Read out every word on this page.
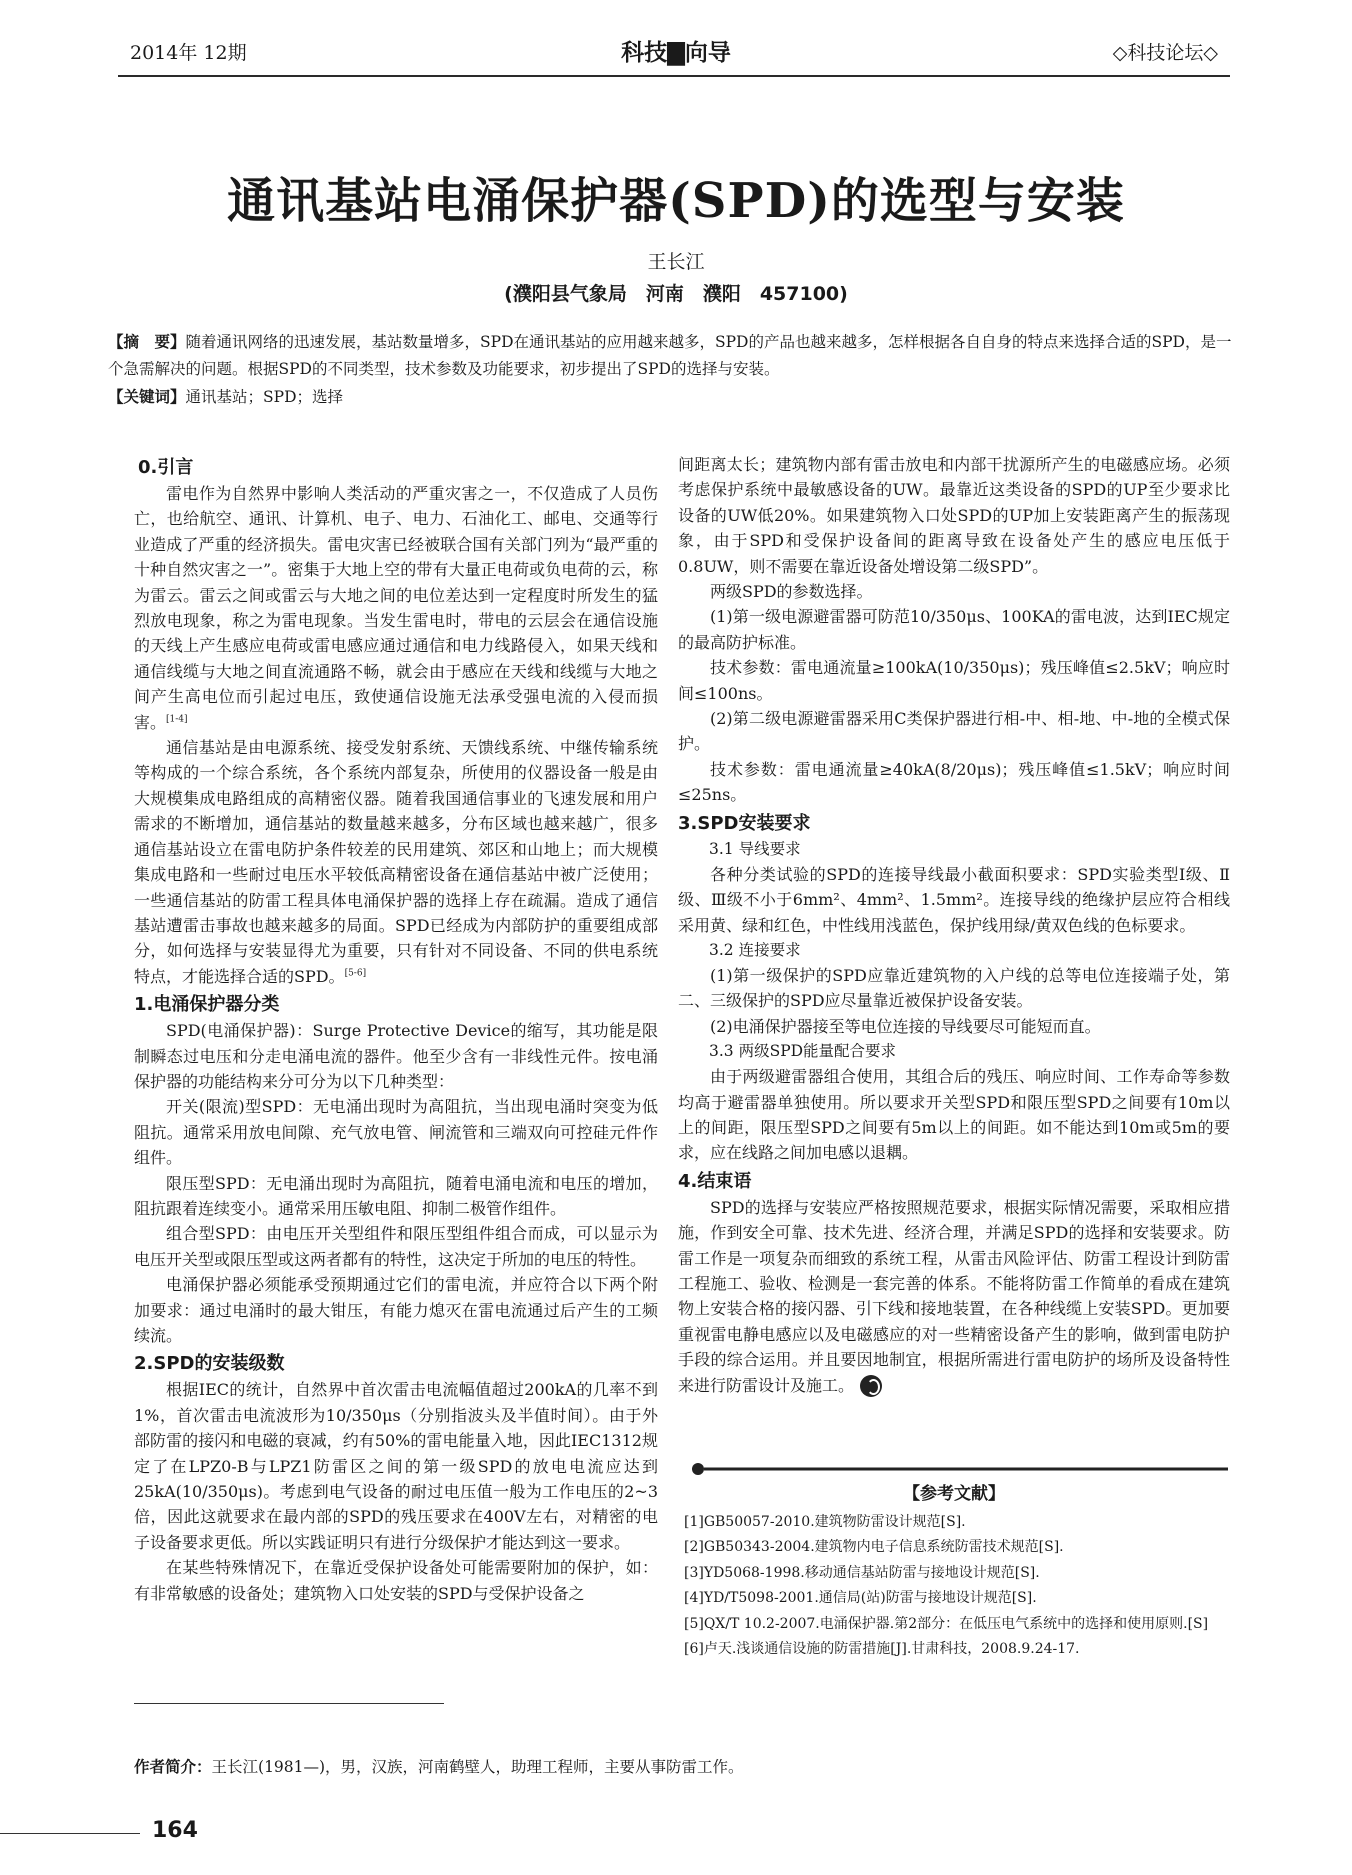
2014年 12期	科技▇向导	◇科技论坛◇
通讯基站电涌保护器(SPD)的选型与安装
王长江
(濮阳县气象局　河南　濮阳　457100)
【摘　要】随着通讯网络的迅速发展，基站数量增多，SPD在通讯基站的应用越来越多，SPD的产品也越来越多，怎样根据各自自身的特点来选择合适的SPD，是一个急需解决的问题。根据SPD的不同类型，技术参数及功能要求，初步提出了SPD的选择与安装。
【关键词】通讯基站；SPD；选择
0.引言

雷电作为自然界中影响人类活动的严重灾害之一，不仅造成了人员伤亡，也给航空、通讯、计算机、电子、电力、石油化工、邮电、交通等行业造成了严重的经济损失。雷电灾害已经被联合国有关部门列为“最严重的十种自然灾害之一”。密集于大地上空的带有大量正电荷或负电荷的云，称为雷云。雷云之间或雷云与大地之间的电位差达到一定程度时所发生的猛烈放电现象，称之为雷电现象。当发生雷电时，带电的云层会在通信设施的天线上产生感应电荷或雷电感应通过通信和电力线路侵入，如果天线和通信线缆与大地之间直流通路不畅，就会由于感应在天线和线缆与大地之间产生高电位而引起过电压，致使通信设施无法承受强电流的入侵而损害。[1-4]

通信基站是由电源系统、接受发射系统、天馈线系统、中继传输系统等构成的一个综合系统，各个系统内部复杂，所使用的仪器设备一般是由大规模集成电路组成的高精密仪器。随着我国通信事业的飞速发展和用户需求的不断增加，通信基站的数量越来越多，分布区域也越来越广，很多通信基站设立在雷电防护条件较差的民用建筑、郊区和山地上；而大规模集成电路和一些耐过电压水平较低高精密设备在通信基站中被广泛使用；一些通信基站的防雷工程具体电涌保护器的选择上存在疏漏。造成了通信基站遭雷击事故也越来越多的局面。SPD已经成为内部防护的重要组成部分，如何选择与安装显得尤为重要，只有针对不同设备、不同的供电系统特点，才能选择合适的SPD。[5-6]

1.电涌保护器分类

SPD(电涌保护器)：Surge Protective Device的缩写，其功能是限制瞬态过电压和分走电涌电流的器件。他至少含有一非线性元件。按电涌保护器的功能结构来分可分为以下几种类型：

开关(限流)型SPD：无电涌出现时为高阻抗，当出现电涌时突变为低阻抗。通常采用放电间隙、充气放电管、闸流管和三端双向可控硅元件作组件。

限压型SPD：无电涌出现时为高阻抗，随着电涌电流和电压的增加，阻抗跟着连续变小。通常采用压敏电阻、抑制二极管作组件。

组合型SPD：由电压开关型组件和限压型组件组合而成，可以显示为电压开关型或限压型或这两者都有的特性，这决定于所加的电压的特性。

电涌保护器必须能承受预期通过它们的雷电流，并应符合以下两个附加要求：通过电涌时的最大钳压，有能力熄灭在雷电流通过后产生的工频续流。

2.SPD的安装级数

根据IEC的统计，自然界中首次雷击电流幅值超过200kA的几率不到1%，首次雷击电流波形为10/350μs（分别指波头及半值时间）。由于外部防雷的接闪和电磁的衰减，约有50%的雷电能量入地，因此IEC1312规定了在LPZ0-B与LPZ1防雷区之间的第一级SPD的放电电流应达到25kA(10/350μs)。考虑到电气设备的耐过电压值一般为工作电压的2~3倍，因此这就要求在最内部的SPD的残压要求在400V左右，对精密的电子设备要求更低。所以实践证明只有进行分级保护才能达到这一要求。

在某些特殊情况下，在靠近受保护设备处可能需要附加的保护，如：有非常敏感的设备处；建筑物入口处安装的SPD与受保护设备之

间距离太长；建筑物内部有雷击放电和内部干扰源所产生的电磁感应场。必须考虑保护系统中最敏感设备的UW。最靠近这类设备的SPD的UP至少要求比设备的UW低20%。如果建筑物入口处SPD的UP加上安装距离产生的振荡现象，由于SPD和受保护设备间的距离导致在设备处产生的感应电压低于0.8UW，则不需要在靠近设备处增设第二级SPD”。

两级SPD的参数选择。

(1)第一级电源避雷器可防范10/350μs、100KA的雷电波，达到IEC规定的最高防护标准。

技术参数：雷电通流量≥100kA(10/350μs)；残压峰值≤2.5kV；响应时间≤100ns。

(2)第二级电源避雷器采用C类保护器进行相-中、相-地、中-地的全模式保护。

技术参数：雷电通流量≥40kA(8/20μs)；残压峰值≤1.5kV；响应时间≤25ns。

3.SPD安装要求
3.1 导线要求

各种分类试验的SPD的连接导线最小截面积要求：SPD实验类型Ⅰ级、Ⅱ级、Ⅲ级不小于6mm²、4mm²、1.5mm²。连接导线的绝缘护层应符合相线采用黄、绿和红色，中性线用浅蓝色，保护线用绿/黄双色线的色标要求。

3.2 连接要求

(1)第一级保护的SPD应靠近建筑物的入户线的总等电位连接端子处，第二、三级保护的SPD应尽量靠近被保护设备安装。

(2)电涌保护器接至等电位连接的导线要尽可能短而直。

3.3 两级SPD能量配合要求

由于两级避雷器组合使用，其组合后的残压、响应时间、工作寿命等参数均高于避雷器单独使用。所以要求开关型SPD和限压型SPD之间要有10m以上的间距，限压型SPD之间要有5m以上的间距。如不能达到10m或5m的要求，应在线路之间加电感以退耦。

4.结束语

SPD的选择与安装应严格按照规范要求，根据实际情况需要，采取相应措施，作到安全可靠、技术先进、经济合理，并满足SPD的选择和安装要求。防雷工作是一项复杂而细致的系统工程，从雷击风险评估、防雷工程设计到防雷工程施工、验收、检测是一套完善的体系。不能将防雷工作简单的看成在建筑物上安装合格的接闪器、引下线和接地装置，在各种线缆上安装SPD。更加要重视雷电静电感应以及电磁感应的对一些精密设备产生的影响，做到雷电防护手段的综合运用。并且要因地制宜，根据所需进行雷电防护的场所及设备特性来进行防雷设计及施工。

【参考文献】
[1]GB50057-2010.建筑物防雷设计规范[S].
[2]GB50343-2004.建筑物内电子信息系统防雷技术规范[S].
[3]YD5068-1998.移动通信基站防雷与接地设计规范[S].
[4]YD/T5098-2001.通信局(站)防雷与接地设计规范[S].
[5]QX/T 10.2-2007.电涌保护器.第2部分：在低压电气系统中的选择和使用原则.[S]
[6]卢天.浅谈通信设施的防雷措施[J].甘肃科技，2008.9.24-17.
作者简介：王长江(1981—)，男，汉族，河南鹤壁人，助理工程师，主要从事防雷工作。
164
